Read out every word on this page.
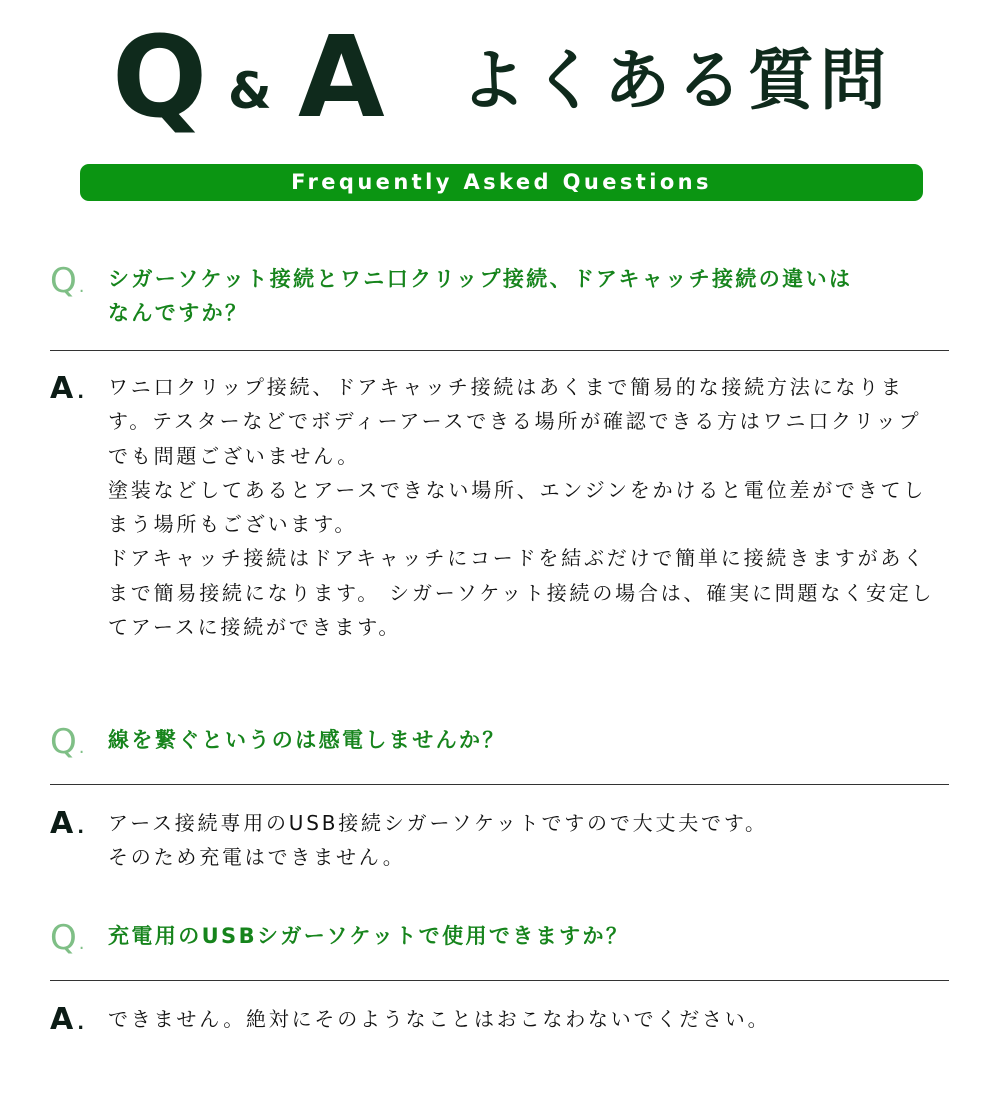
Q & A よくある質問
Frequently Asked Questions
Q . シガーソケット接続とワニ口クリップ接続、ドアキャッチ接続の違いは
なんですか？
A . ワニ口クリップ接続、ドアキャッチ接続はあくまで簡易的な接続方法になりま

す。テスターなどでボディーアースできる場所が確認できる方はワニ口クリップ

でも問題ございません。

塗装などしてあるとアースできない場所、エンジンをかけると電位差ができてし

まう場所もございます。

ドアキャッチ接続はドアキャッチにコードを結ぶだけで簡単に接続きますがあく

まで簡易接続になります。 シガーソケット接続の場合は、確実に問題なく安定し

てアースに接続ができます。

Q . 線を繋ぐというのは感電しませんか？
A . アース接続専用のUSB接続シガーソケットですので大丈夫です。

そのため充電はできません。

Q . 充電用のUSBシガーソケットで使用できますか？
A . できません。絶対にそのようなことはおこなわないでください。
